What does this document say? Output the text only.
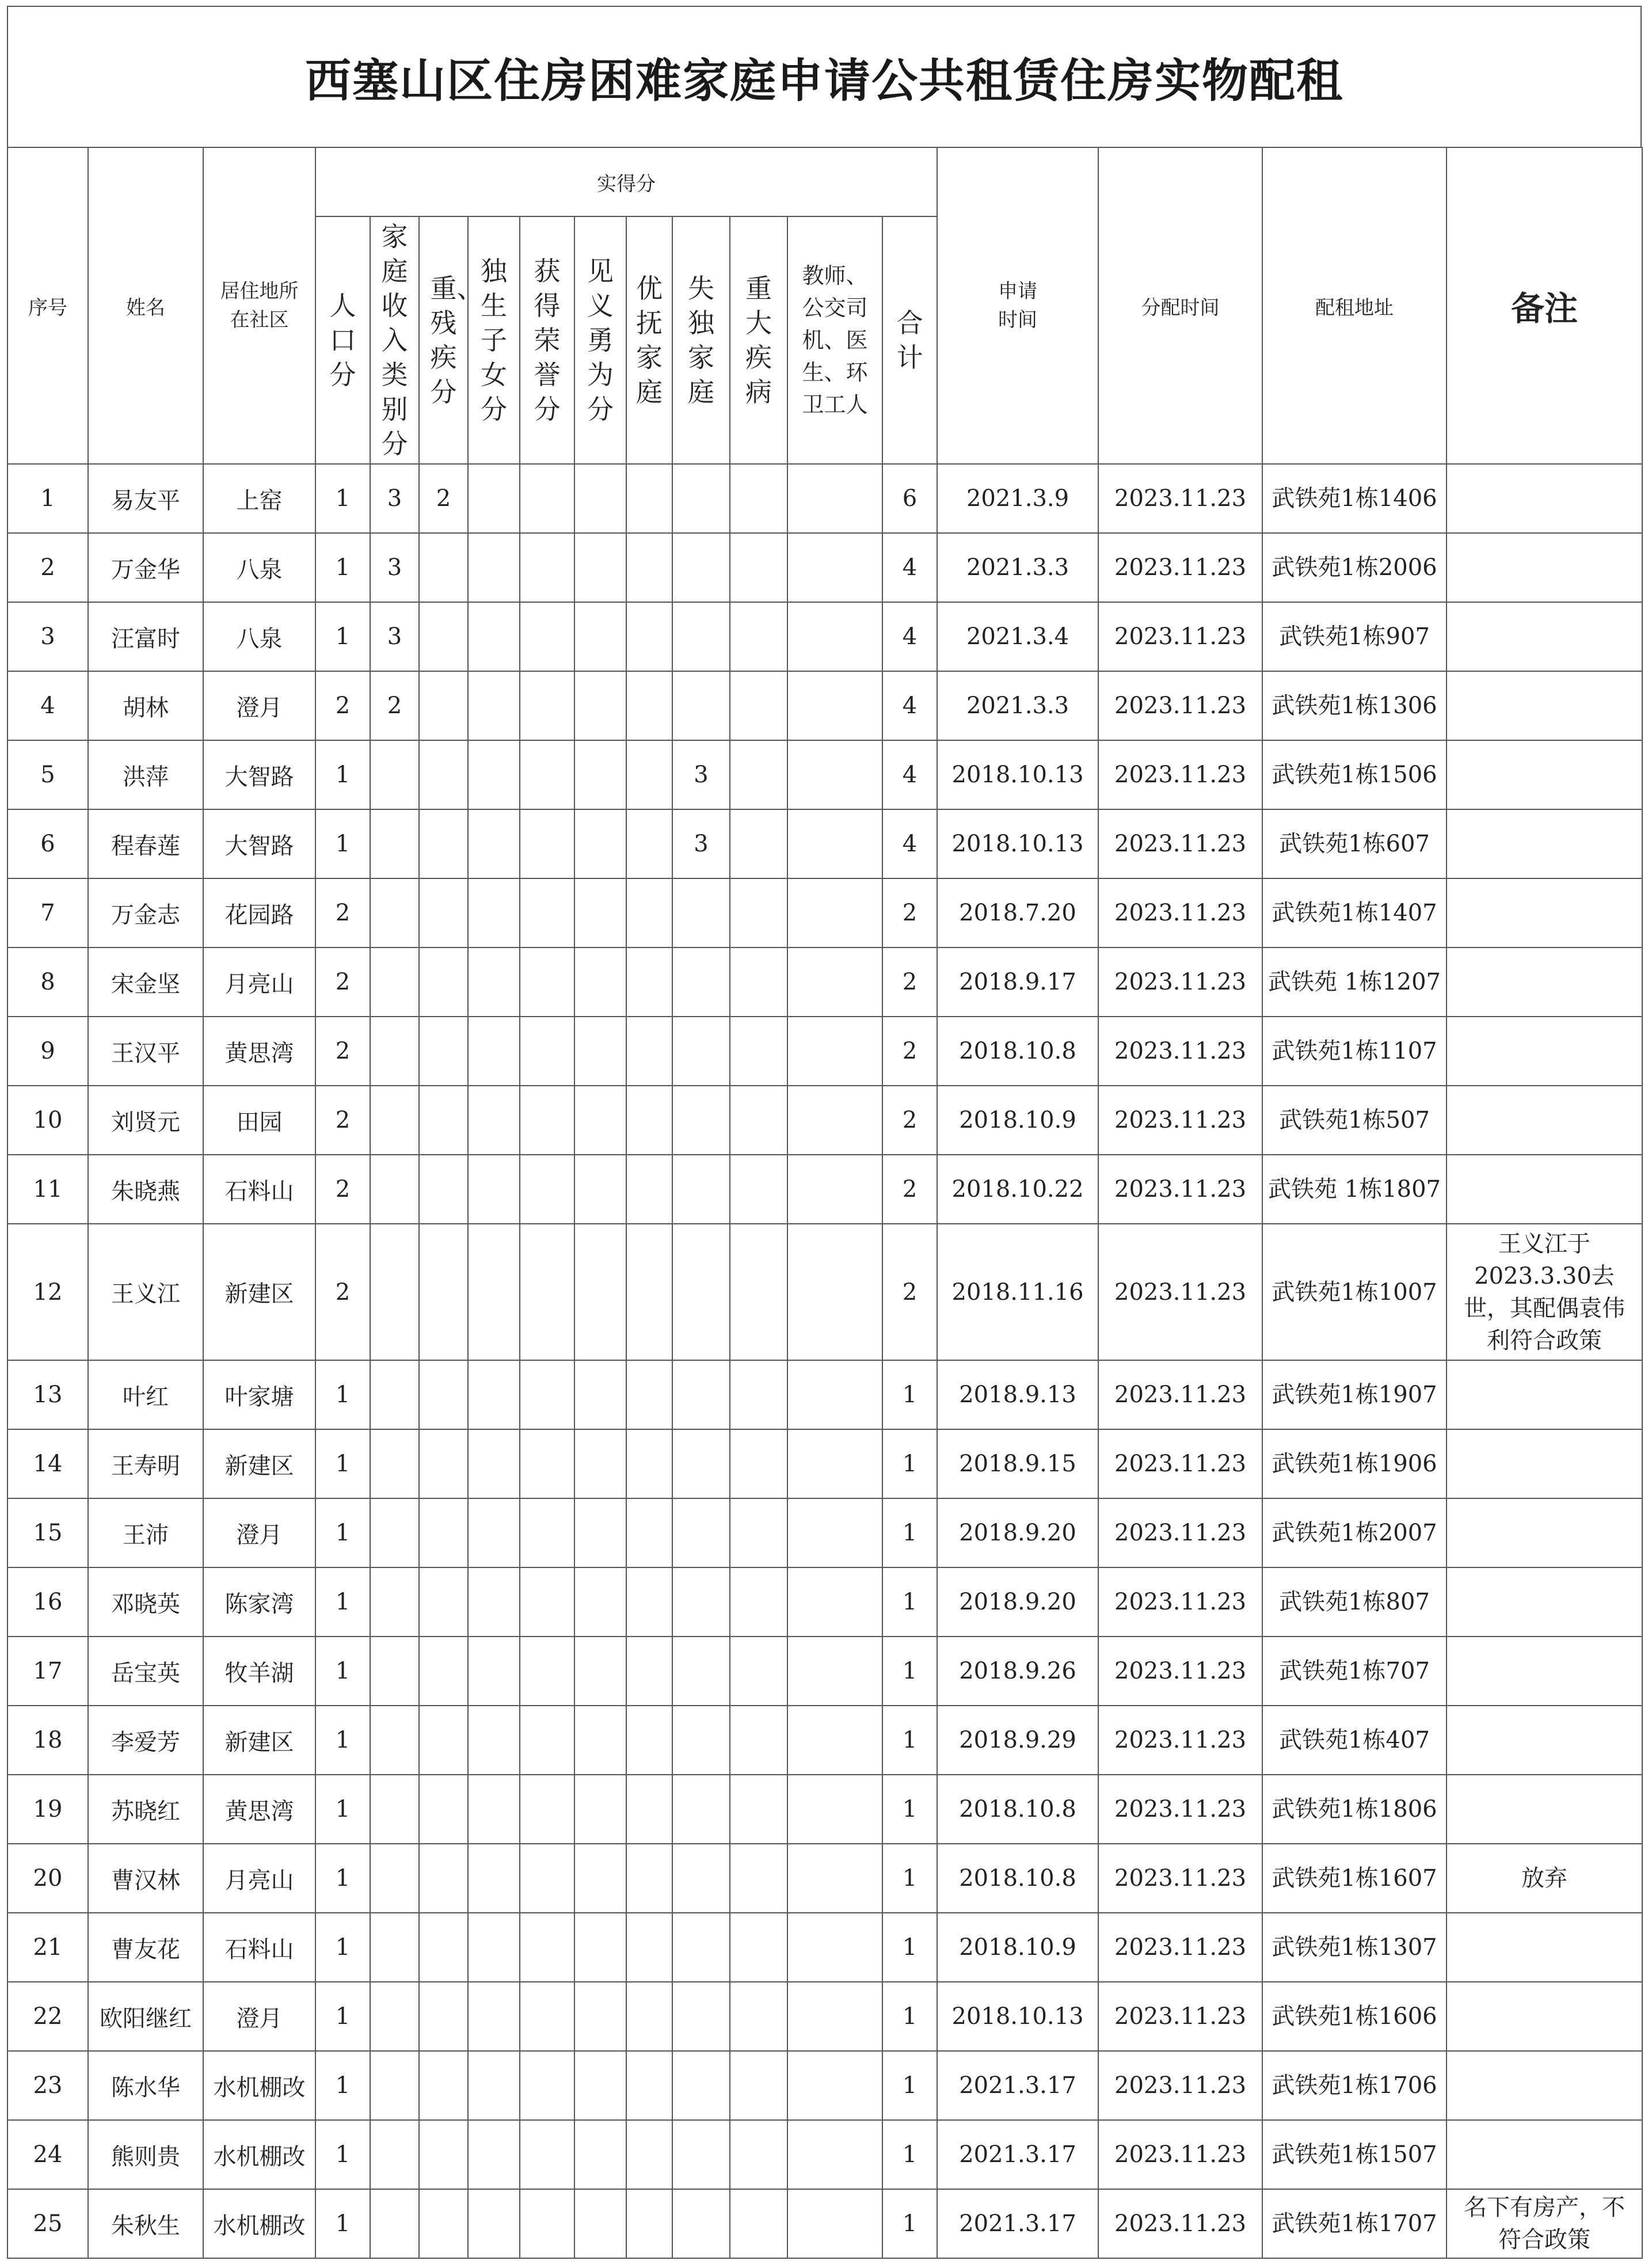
西塞山区住房困难家庭申请公共租赁住房实物配租
序号	姓名	居住地所在社区	实得分											申请时间	分配时间	配租地址	备注

			人口分	家庭收入类别分	重、残疾分	独生子女分	获得荣誉分	见义勇为分	优抚家庭	失独家庭	重大疾病	教师、公交司机、医生、环卫工人	合计				

1	易友平	上窑	1	3	2								6	2021.3.9	2023.11.23	武铁苑1栋1406	
2	万金华	八泉	1	3									4	2021.3.3	2023.11.23	武铁苑1栋2006	
3	汪富时	八泉	1	3									4	2021.3.4	2023.11.23	武铁苑1栋907	
4	胡林	澄月	2	2									4	2021.3.3	2023.11.23	武铁苑1栋1306	
5	洪萍	大智路	1							3			4	2018.10.13	2023.11.23	武铁苑1栋1506	
6	程春莲	大智路	1							3			4	2018.10.13	2023.11.23	武铁苑1栋607	
7	万金志	花园路	2										2	2018.7.20	2023.11.23	武铁苑1栋1407	
8	宋金坚	月亮山	2										2	2018.9.17	2023.11.23	武铁苑 1栋1207	
9	王汉平	黄思湾	2										2	2018.10.8	2023.11.23	武铁苑1栋1107	
10	刘贤元	田园	2										2	2018.10.9	2023.11.23	武铁苑1栋507	
11	朱晓燕	石料山	2										2	2018.10.22	2023.11.23	武铁苑 1栋1807	
12	王义江	新建区	2										2	2018.11.16	2023.11.23	武铁苑1栋1007	王义江于2023.3.30去世，其配偶袁伟利符合政策
13	叶红	叶家塘	1										1	2018.9.13	2023.11.23	武铁苑1栋1907	
14	王寿明	新建区	1										1	2018.9.15	2023.11.23	武铁苑1栋1906	
15	王沛	澄月	1										1	2018.9.20	2023.11.23	武铁苑1栋2007	
16	邓晓英	陈家湾	1										1	2018.9.20	2023.11.23	武铁苑1栋807	
17	岳宝英	牧羊湖	1										1	2018.9.26	2023.11.23	武铁苑1栋707	
18	李爱芳	新建区	1										1	2018.9.29	2023.11.23	武铁苑1栋407	
19	苏晓红	黄思湾	1										1	2018.10.8	2023.11.23	武铁苑1栋1806	
20	曹汉林	月亮山	1										1	2018.10.8	2023.11.23	武铁苑1栋1607	放弃
21	曹友花	石料山	1										1	2018.10.9	2023.11.23	武铁苑1栋1307	
22	欧阳继红	澄月	1										1	2018.10.13	2023.11.23	武铁苑1栋1606	
23	陈水华	水机棚改	1										1	2021.3.17	2023.11.23	武铁苑1栋1706	
24	熊则贵	水机棚改	1										1	2021.3.17	2023.11.23	武铁苑1栋1507	
25	朱秋生	水机棚改	1										1	2021.3.17	2023.11.23	武铁苑1栋1707	名下有房产，不符合政策
